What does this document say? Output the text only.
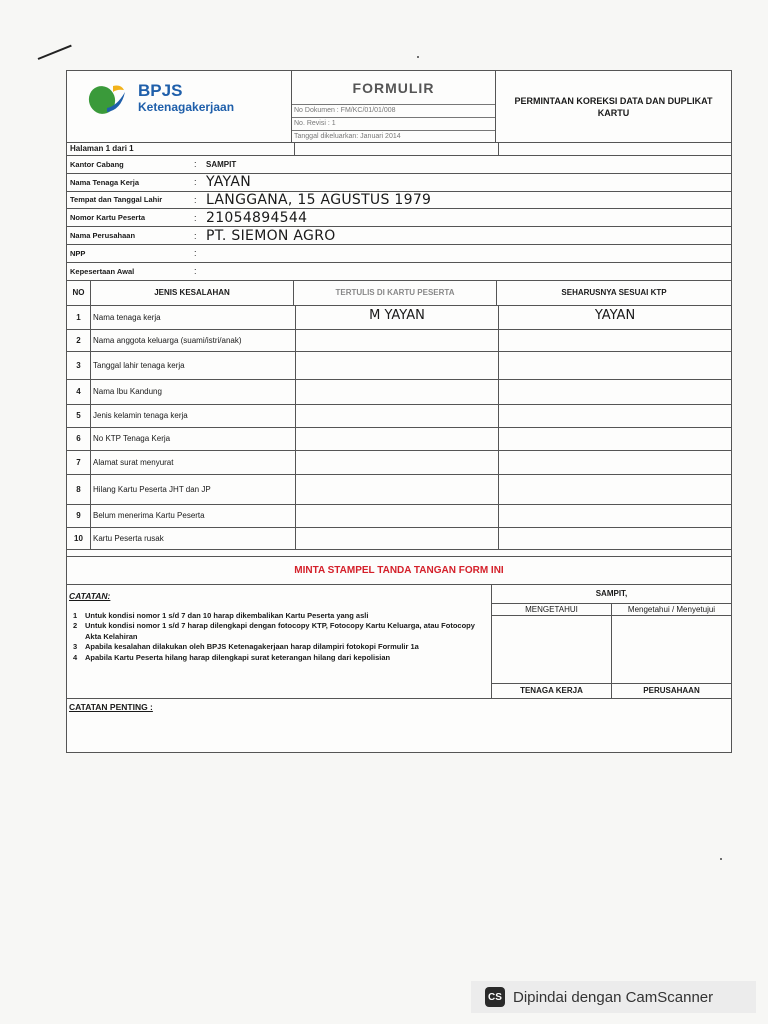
BPJS
Ketenagakerjaan
FORMULIR
No Dokumen : FM/KC/01/01/008
No. Revisi : 1
Tanggal dikeluarkan: Januari 2014
PERMINTAAN KOREKSI DATA DAN DUPLIKAT KARTU
Halaman 1 dari 1
Kantor Cabang	:	SAMPIT
Nama Tenaga Kerja	: YAYAN
Tempat dan Tanggal Lahir	: LANGGANA, 15 AGUSTUS 1979
Nomor Kartu Peserta	: 21054894544
Nama Perusahaan	: PT. SIEMON AGRO
NPP	:
Kepesertaan Awal	:
NO	JENIS KESALAHAN	TERTULIS DI KARTU PESERTA	SEHARUSNYA SESUAI KTP
1	Nama tenaga kerja	M YAYAN	YAYAN
2	Nama anggota keluarga (suami/istri/anak)
3	Tanggal lahir tenaga kerja
4	Nama Ibu Kandung
5	Jenis kelamin tenaga kerja
6	No KTP Tenaga Kerja
7	Alamat surat menyurat
8	Hilang Kartu Peserta JHT dan JP
9	Belum menerima Kartu Peserta
10	Kartu Peserta rusak
MINTA STAMPEL TANDA TANGAN FORM INI
CATATAN:
1	Untuk kondisi nomor 1 s/d 7 dan 10 harap dikembalikan Kartu Peserta yang asli
2	Untuk kondisi nomor 1 s/d 7 harap dilengkapi dengan fotocopy KTP, Fotocopy Kartu Keluarga, atau Fotocopy Akta Kelahiran
3	Apabila kesalahan dilakukan oleh BPJS Ketenagakerjaan harap dilampiri fotokopi Formulir 1a
4	Apabila Kartu Peserta hilang harap dilengkapi surat keterangan hilang dari kepolisian
SAMPIT,
MENGETAHUI	Mengetahui / Menyetujui
TENAGA KERJA	PERUSAHAAN
CATATAN PENTING :
CS Dipindai dengan CamScanner
